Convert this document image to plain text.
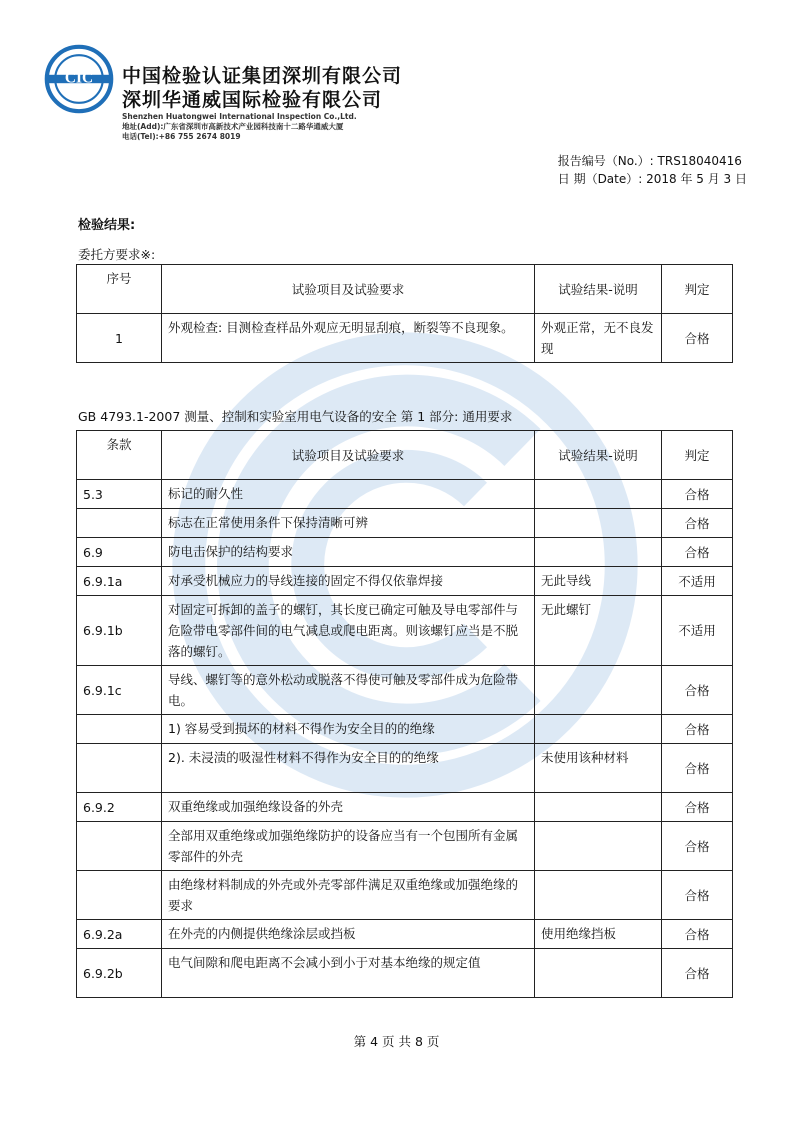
CIC 中国检验认证集团深圳有限公司
深圳华通威国际检验有限公司
Shenzhen Huatongwei International Inspection Co.,Ltd.
地址(Add):广东省深圳市高新技术产业园科技南十二路华通威大厦
电话(Tel):+86 755 2674 8019
报告编号（No.）: TRS18040416
日 期（Date）: 2018 年 5 月 3 日
检验结果:
委托方要求※:
序号	试验项目及试验要求	试验结果-说明	判定
1	外观检查: 目测检查样品外观应无明显刮痕，断裂等不良现象。	外观正常，无不良发现	合格
GB 4793.1-2007 测量、控制和实验室用电气设备的安全 第 1 部分: 通用要求
条款	试验项目及试验要求	试验结果-说明	判定
5.3	标记的耐久性		合格
	标志在正常使用条件下保持清晰可辨		合格
6.9	防电击保护的结构要求		合格
6.9.1a	对承受机械应力的导线连接的固定不得仅依靠焊接	无此导线	不适用
6.9.1b	对固定可拆卸的盖子的螺钉，其长度已确定可触及导电零部件与危险带电零部件间的电气减息或爬电距离。则该螺钉应当是不脱落的螺钉。	无此螺钉	不适用
6.9.1c	导线、螺钉等的意外松动或脱落不得使可触及零部件成为危险带电。		合格
	1) 容易受到损坏的材料不得作为安全目的的绝缘		合格
	2). 未浸渍的吸湿性材料不得作为安全目的的绝缘	未使用该种材料	合格
6.9.2	双重绝缘或加强绝缘设备的外壳		合格
	全部用双重绝缘或加强绝缘防护的设备应当有一个包围所有金属零部件的外壳		合格
	由绝缘材料制成的外壳或外壳零部件满足双重绝缘或加强绝缘的要求		合格
6.9.2a	在外壳的内侧提供绝缘涂层或挡板	使用绝缘挡板	合格
6.9.2b	电气间隙和爬电距离不会减小到小于对基本绝缘的规定值		合格
第 4 页 共 8 页
